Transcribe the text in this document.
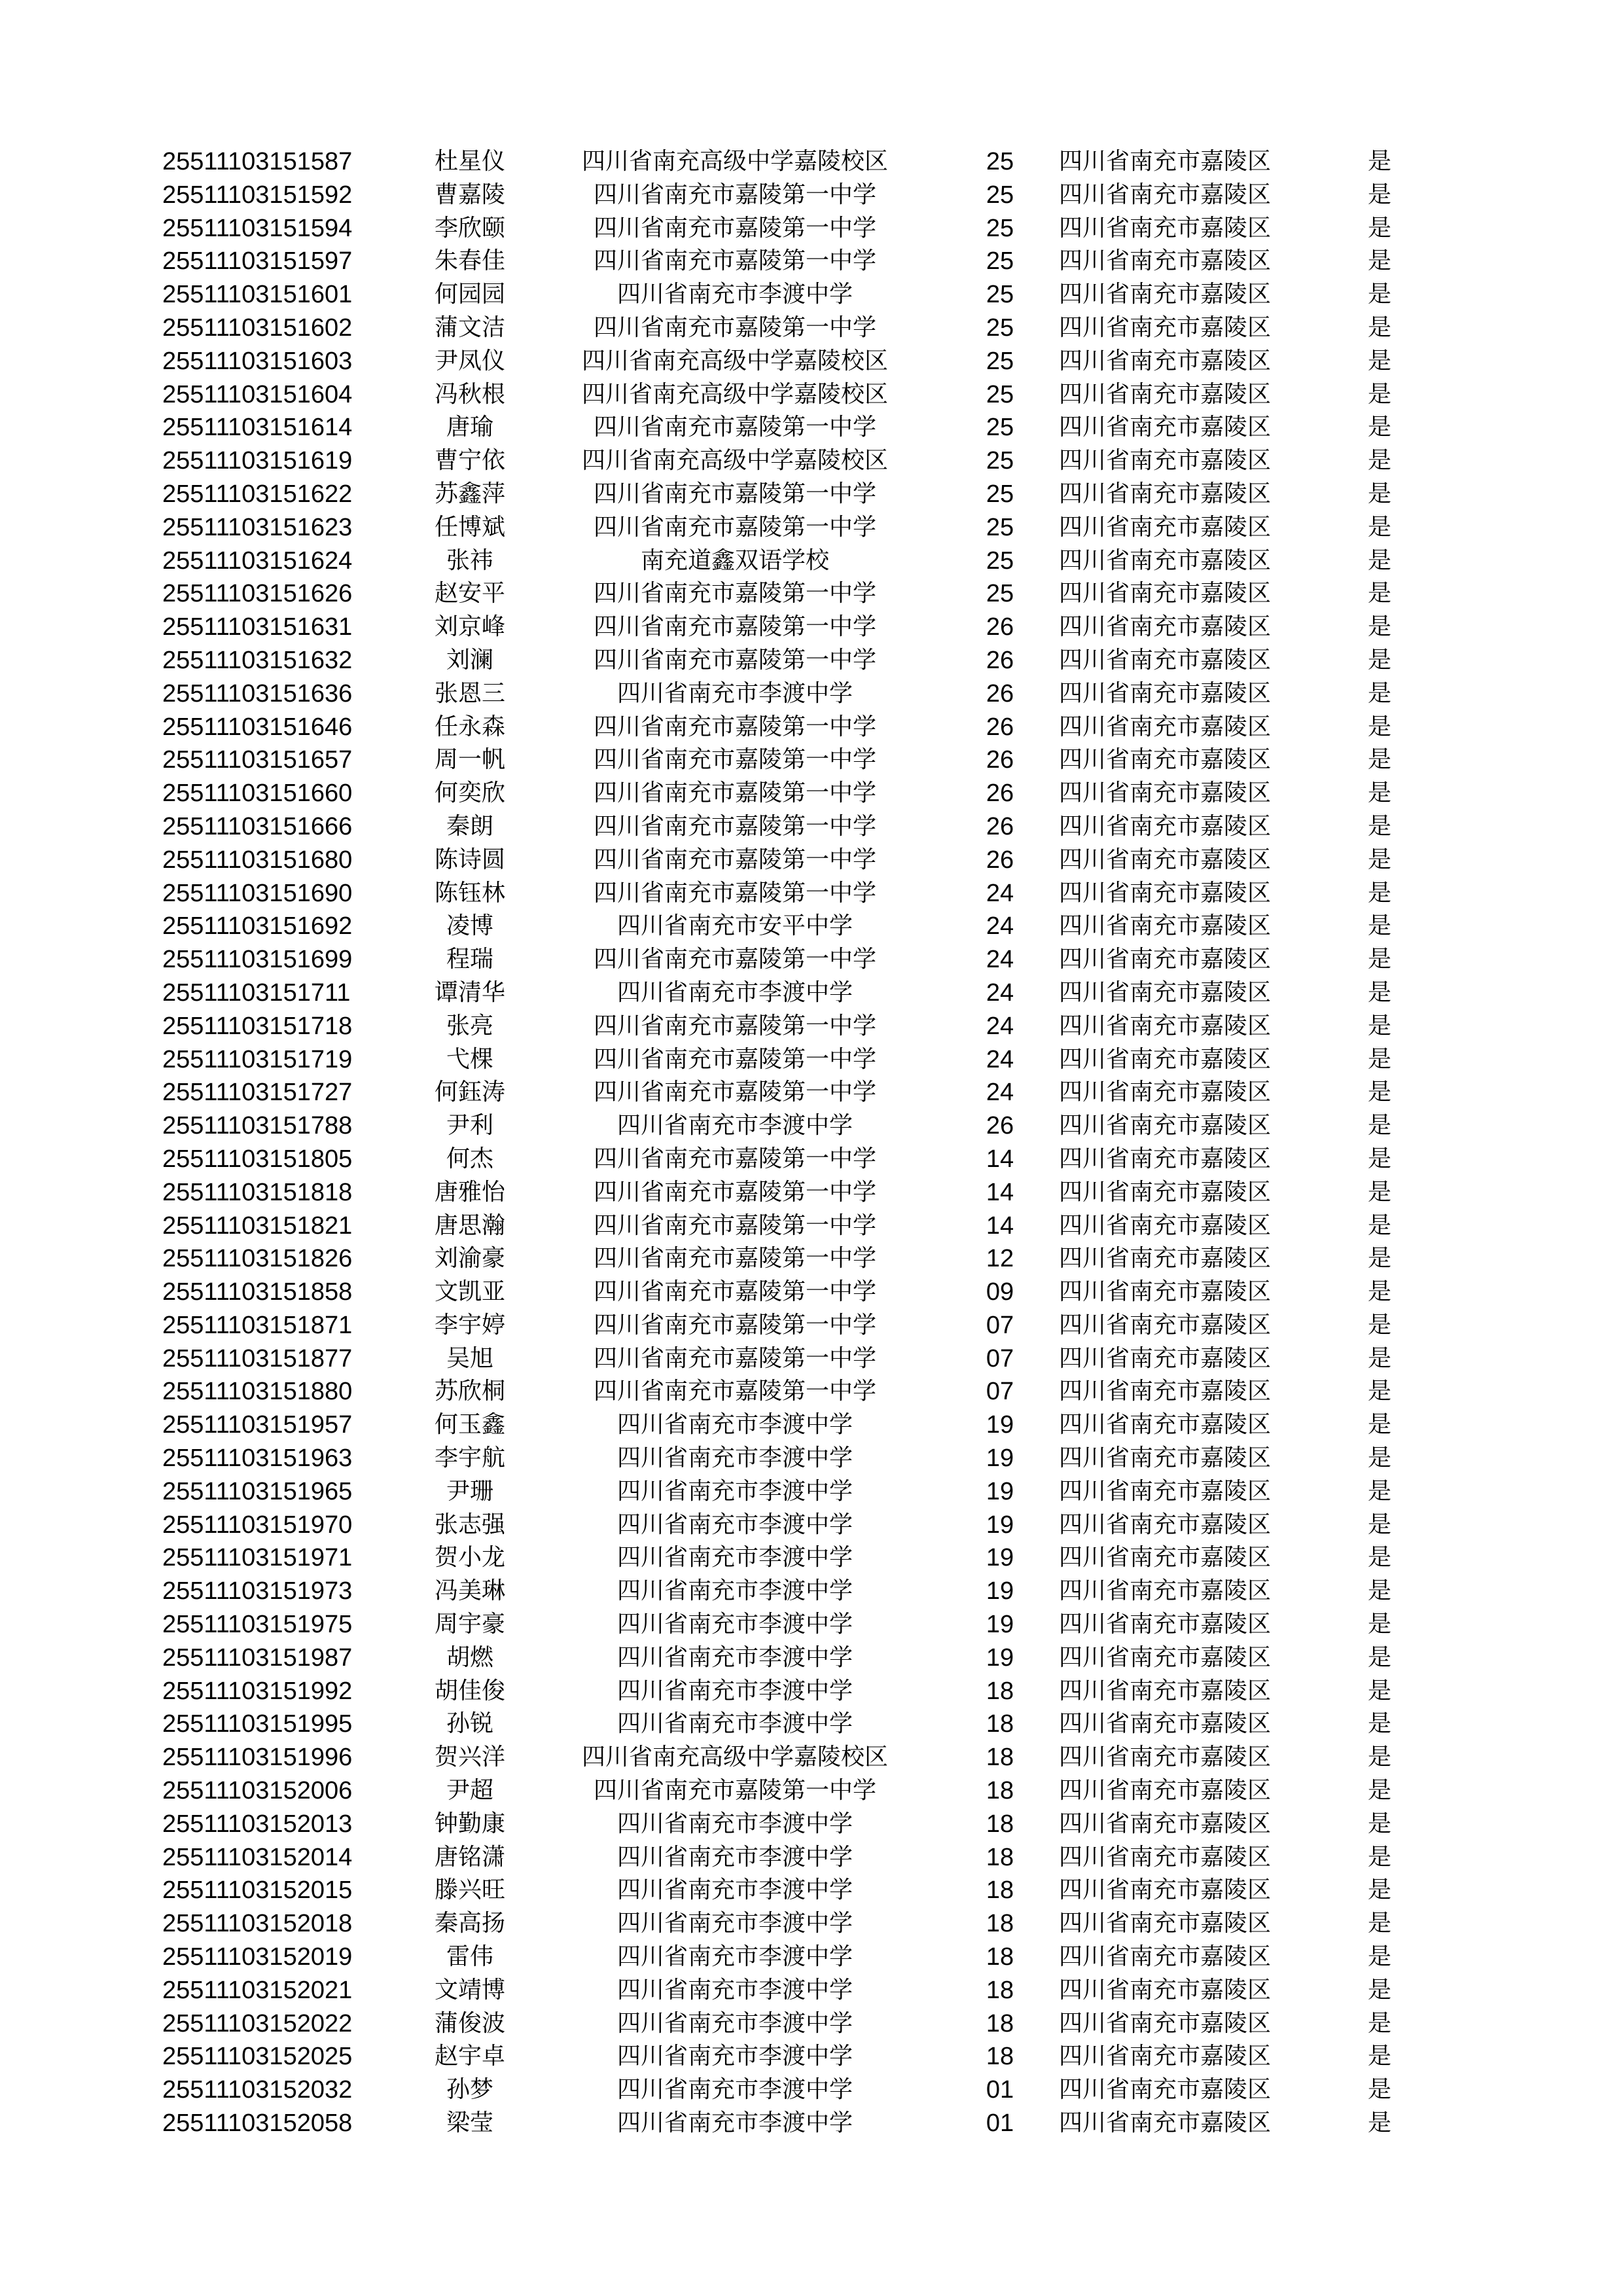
25511103151587	杜星仪	四川省南充高级中学嘉陵校区	25	四川省南充市嘉陵区	是
25511103151592	曹嘉陵	四川省南充市嘉陵第一中学	25	四川省南充市嘉陵区	是
25511103151594	李欣颐	四川省南充市嘉陵第一中学	25	四川省南充市嘉陵区	是
25511103151597	朱春佳	四川省南充市嘉陵第一中学	25	四川省南充市嘉陵区	是
25511103151601	何园园	四川省南充市李渡中学	25	四川省南充市嘉陵区	是
25511103151602	蒲文洁	四川省南充市嘉陵第一中学	25	四川省南充市嘉陵区	是
25511103151603	尹凤仪	四川省南充高级中学嘉陵校区	25	四川省南充市嘉陵区	是
25511103151604	冯秋根	四川省南充高级中学嘉陵校区	25	四川省南充市嘉陵区	是
25511103151614	唐瑜	四川省南充市嘉陵第一中学	25	四川省南充市嘉陵区	是
25511103151619	曹宁依	四川省南充高级中学嘉陵校区	25	四川省南充市嘉陵区	是
25511103151622	苏鑫萍	四川省南充市嘉陵第一中学	25	四川省南充市嘉陵区	是
25511103151623	任博斌	四川省南充市嘉陵第一中学	25	四川省南充市嘉陵区	是
25511103151624	张祎	南充道鑫双语学校	25	四川省南充市嘉陵区	是
25511103151626	赵安平	四川省南充市嘉陵第一中学	25	四川省南充市嘉陵区	是
25511103151631	刘京峰	四川省南充市嘉陵第一中学	26	四川省南充市嘉陵区	是
25511103151632	刘澜	四川省南充市嘉陵第一中学	26	四川省南充市嘉陵区	是
25511103151636	张恩三	四川省南充市李渡中学	26	四川省南充市嘉陵区	是
25511103151646	任永森	四川省南充市嘉陵第一中学	26	四川省南充市嘉陵区	是
25511103151657	周一帆	四川省南充市嘉陵第一中学	26	四川省南充市嘉陵区	是
25511103151660	何奕欣	四川省南充市嘉陵第一中学	26	四川省南充市嘉陵区	是
25511103151666	秦朗	四川省南充市嘉陵第一中学	26	四川省南充市嘉陵区	是
25511103151680	陈诗圆	四川省南充市嘉陵第一中学	26	四川省南充市嘉陵区	是
25511103151690	陈钰林	四川省南充市嘉陵第一中学	24	四川省南充市嘉陵区	是
25511103151692	凌博	四川省南充市安平中学	24	四川省南充市嘉陵区	是
25511103151699	程瑞	四川省南充市嘉陵第一中学	24	四川省南充市嘉陵区	是
25511103151711	谭清华	四川省南充市李渡中学	24	四川省南充市嘉陵区	是
25511103151718	张亮	四川省南充市嘉陵第一中学	24	四川省南充市嘉陵区	是
25511103151719	弋棵	四川省南充市嘉陵第一中学	24	四川省南充市嘉陵区	是
25511103151727	何鈺涛	四川省南充市嘉陵第一中学	24	四川省南充市嘉陵区	是
25511103151788	尹利	四川省南充市李渡中学	26	四川省南充市嘉陵区	是
25511103151805	何杰	四川省南充市嘉陵第一中学	14	四川省南充市嘉陵区	是
25511103151818	唐雅怡	四川省南充市嘉陵第一中学	14	四川省南充市嘉陵区	是
25511103151821	唐思瀚	四川省南充市嘉陵第一中学	14	四川省南充市嘉陵区	是
25511103151826	刘渝豪	四川省南充市嘉陵第一中学	12	四川省南充市嘉陵区	是
25511103151858	文凯亚	四川省南充市嘉陵第一中学	09	四川省南充市嘉陵区	是
25511103151871	李宇婷	四川省南充市嘉陵第一中学	07	四川省南充市嘉陵区	是
25511103151877	吴旭	四川省南充市嘉陵第一中学	07	四川省南充市嘉陵区	是
25511103151880	苏欣桐	四川省南充市嘉陵第一中学	07	四川省南充市嘉陵区	是
25511103151957	何玉鑫	四川省南充市李渡中学	19	四川省南充市嘉陵区	是
25511103151963	李宇航	四川省南充市李渡中学	19	四川省南充市嘉陵区	是
25511103151965	尹珊	四川省南充市李渡中学	19	四川省南充市嘉陵区	是
25511103151970	张志强	四川省南充市李渡中学	19	四川省南充市嘉陵区	是
25511103151971	贺小龙	四川省南充市李渡中学	19	四川省南充市嘉陵区	是
25511103151973	冯美琳	四川省南充市李渡中学	19	四川省南充市嘉陵区	是
25511103151975	周宇豪	四川省南充市李渡中学	19	四川省南充市嘉陵区	是
25511103151987	胡燃	四川省南充市李渡中学	19	四川省南充市嘉陵区	是
25511103151992	胡佳俊	四川省南充市李渡中学	18	四川省南充市嘉陵区	是
25511103151995	孙锐	四川省南充市李渡中学	18	四川省南充市嘉陵区	是
25511103151996	贺兴洋	四川省南充高级中学嘉陵校区	18	四川省南充市嘉陵区	是
25511103152006	尹超	四川省南充市嘉陵第一中学	18	四川省南充市嘉陵区	是
25511103152013	钟勤康	四川省南充市李渡中学	18	四川省南充市嘉陵区	是
25511103152014	唐铭潇	四川省南充市李渡中学	18	四川省南充市嘉陵区	是
25511103152015	滕兴旺	四川省南充市李渡中学	18	四川省南充市嘉陵区	是
25511103152018	秦高扬	四川省南充市李渡中学	18	四川省南充市嘉陵区	是
25511103152019	雷伟	四川省南充市李渡中学	18	四川省南充市嘉陵区	是
25511103152021	文靖博	四川省南充市李渡中学	18	四川省南充市嘉陵区	是
25511103152022	蒲俊波	四川省南充市李渡中学	18	四川省南充市嘉陵区	是
25511103152025	赵宇卓	四川省南充市李渡中学	18	四川省南充市嘉陵区	是
25511103152032	孙梦	四川省南充市李渡中学	01	四川省南充市嘉陵区	是
25511103152058	梁莹	四川省南充市李渡中学	01	四川省南充市嘉陵区	是
